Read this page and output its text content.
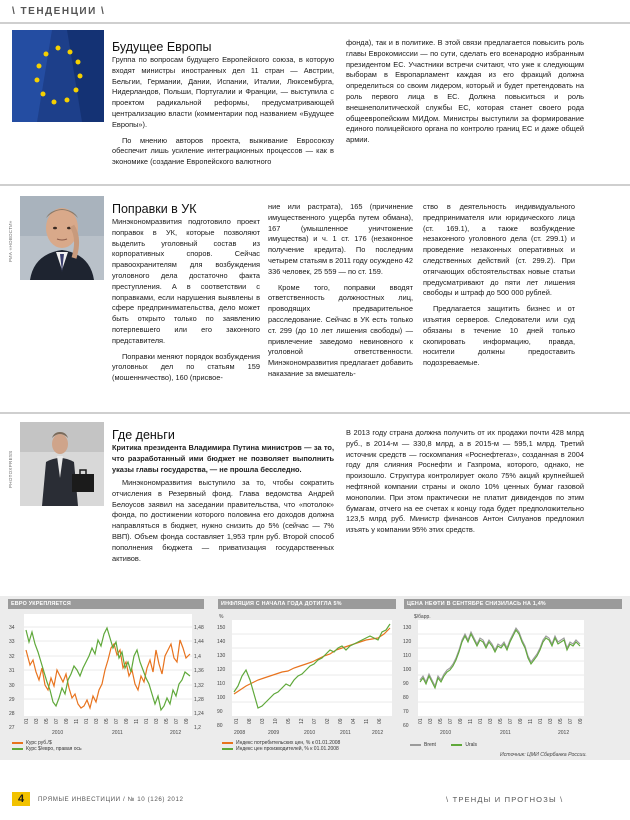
\ ТЕНДЕНЦИИ \
Будущее Европы

Группа по вопросам будущего Европейского союза, в которую входят министры иностранных дел 11 стран — Австрии, Бельгии, Германии, Дании, Испании, Италии, Люксембурга, Нидерландов, Польши, Португалии и Франции, — выступила с проектом радикальной реформы, предусматривающей централизацию власти (комментарии под названием «Будущее Европы»).

По мнению авторов проекта, выживание Евросоюзу обеспечит лишь усиление интеграционных процессов — как в экономике (создание Европейского валютного

фонда), так и в политике. В этой связи предлагается повысить роль главы Еврокомиссии — по сути, сделать его всенародно избранным президентом ЕС. Участники встречи считают, что уже к следующим выборам в Европарламент каждая из его фракций должна определиться со своим лидером, который и будет претендовать на роль первого лица в ЕС. Должна повыситься и роль внешнеполитической службы ЕС, которая станет своего рода общеевропейским МИДом. Министры выступили за формирование единого полицейского органа по контролю границ ЕС и даже общей армии.

РИА «НОВОСТИ»
Поправки в УК

Минэкономразвития подготовило проект поправок в УК, которые позволяют выделить уголовный состав из корпоративных споров. Сейчас правоохранителям для возбуждения уголовного дела достаточно факта преступления. А в соответствии с поправками, если нарушения выявлены в сфере предпринимательства, дело может быть открыто только по заявлению потерпевшего или его законного представителя.

Поправки меняют порядок возбуждения уголовных дел по статьям 159 (мошенничество), 160 (присвое-

ние или растрата), 165 (причинение имущественного ущерба путем обмана), 167 (умышленное уничтожение имущества) и ч. 1 ст. 176 (незаконное получение кредита). По последним четырем статьям в 2011 году осуждено 42 336 человек, 25 559 — по ст. 159.

Кроме того, поправки вводят ответственность должностных лиц, проводящих предварительное расследование. Сейчас в УК есть только ст. 299 (до 10 лет лишения свободы) — привлечение заведомо невиновного к уголовной ответственности. Минэкономразвития предлагает добавить наказание за вмешатель-

ство в деятельность индивидуального предпринимателя или юридического лица (ст. 169.1), а также возбуждение незаконного уголовного дела (ст. 299.1) и проведение незаконных оперативных и следственных действий (ст. 299.2). При отягчающих обстоятельствах новые статьи предусматривают до пяти лет лишения свободы и штраф до 500 000 рублей.

Предлагается защитить бизнес и от изъятия серверов. Следователи или суд обязаны в течение 10 дней только скопировать информацию, правда, носители должны предоставить подозреваемые.

PHOTOXPRESS
Где деньги
Критика президента Владимира Путина министров — за то, что разработанный ими бюджет не позволяет выполнить указы главы государства, — не прошла бесследно.

Минэкономразвития выступило за то, чтобы сократить отчисления в Резервный фонд. Глава ведомства Андрей Белоусов заявил на заседании правительства, что «потолок» фонда, по достижении которого половина его доходов должна направляться в бюджет, нужно снизить до 5% (сейчас — 7% ВВП). Объем фонда составляет 1,953 трлн руб. Второй способ пополнения бюджета — приватизация государственных активов.

В 2013 году страна должна получить от их продажи почти 428 млрд руб., в 2014-м — 330,8 млрд, а в 2015-м — 595,1 млрд. Третий источник средств — госкомпания «Роснефтегаз», созданная в 2004 году для слияния Роснефти и Газпрома, которого, однако, не произошло. Структура контролирует около 75% акций крупнейшей нефтяной компании страны и около 10% ценных бумаг газовой монополии. При этом практически не платит дивидендов по этим бумагам, отчего на ее счетах к концу года будет предположительно 123,5 млрд руб. Министр финансов Антон Силуанов предложил изъять у компании 95% этих средств.

ЕВРО УКРЕПЛЯЕТСЯ
34
33
32
31
30
29
28
27
1,48
1,44
1,4
1,36
1,32
1,28
1,24
1,2
01 03 05 07 09 11 01 03 05 07 09 11 01 03 05 07 09
2010	2011	2012
Курс руб./$
Курс $/евро, правая ось
ИНФЛЯЦИЯ С НАЧАЛА ГОДА ДОТИГЛА 5%
%
150
140
130
120
110
100
90
80
01 08 03 10 05 12 07 02 09 04 11 06
2008	2009	2010	2011	2012
Индекс потребительских цен, % к 01.01.2008
Индекс цен производителей, % к 01.01.2008
ЦЕНА НЕФТИ В СЕНТЯБРЕ СНИЗИЛАСЬ НА 1,4%
$/барр.
130
120
110
100
90
80
70
60
01 03 05 07 09 11 01 03 05 07 09 11 01 03 05 07 09
2010	2011	2012
Brent	Urals
Источник: ЦМИ Сбербанка России.
4	ПРЯМЫЕ ИНВЕСТИЦИИ / № 10 (126) 2012	\ ТРЕНДЫ И ПРОГНОЗЫ \
